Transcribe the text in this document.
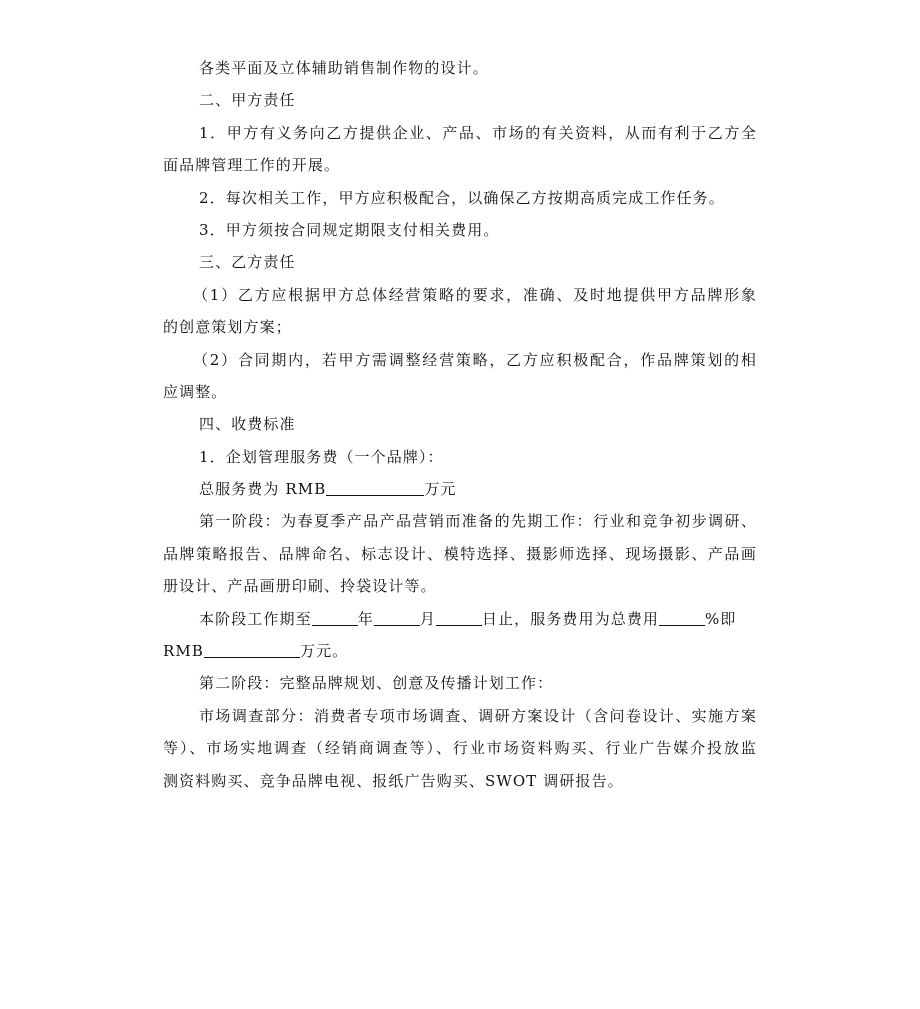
各类平面及立体辅助销售制作物的设计。
二、甲方责任
1．甲方有义务向乙方提供企业、产品、市场的有关资料，从而有利于乙方全
面品牌管理工作的开展。
2．每次相关工作，甲方应积极配合，以确保乙方按期高质完成工作任务。
3．甲方须按合同规定期限支付相关费用。
三、乙方责任
（1）乙方应根据甲方总体经营策略的要求，准确、及时地提供甲方品牌形象
的创意策划方案；
（2）合同期内，若甲方需调整经营策略，乙方应积极配合，作品牌策划的相
应调整。
四、收费标准
1．企划管理服务费（一个品牌）：
总服务费为 RMB	万元
第一阶段：为春夏季产品产品营销而准备的先期工作：行业和竞争初步调研、
品牌策略报告、品牌命名、标志设计、模特选择、摄影师选择、现场摄影、产品画
册设计、产品画册印刷、拎袋设计等。
本阶段工作期至	年	月	日止，服务费用为总费用	%即
RMB	万元。
第二阶段：完整品牌规划、创意及传播计划工作：
市场调查部分：消费者专项市场调查、调研方案设计（含问卷设计、实施方案
等）、市场实地调查（经销商调查等）、行业市场资料购买、行业广告媒介投放监
测资料购买、竞争品牌电视、报纸广告购买、SWOT 调研报告。
